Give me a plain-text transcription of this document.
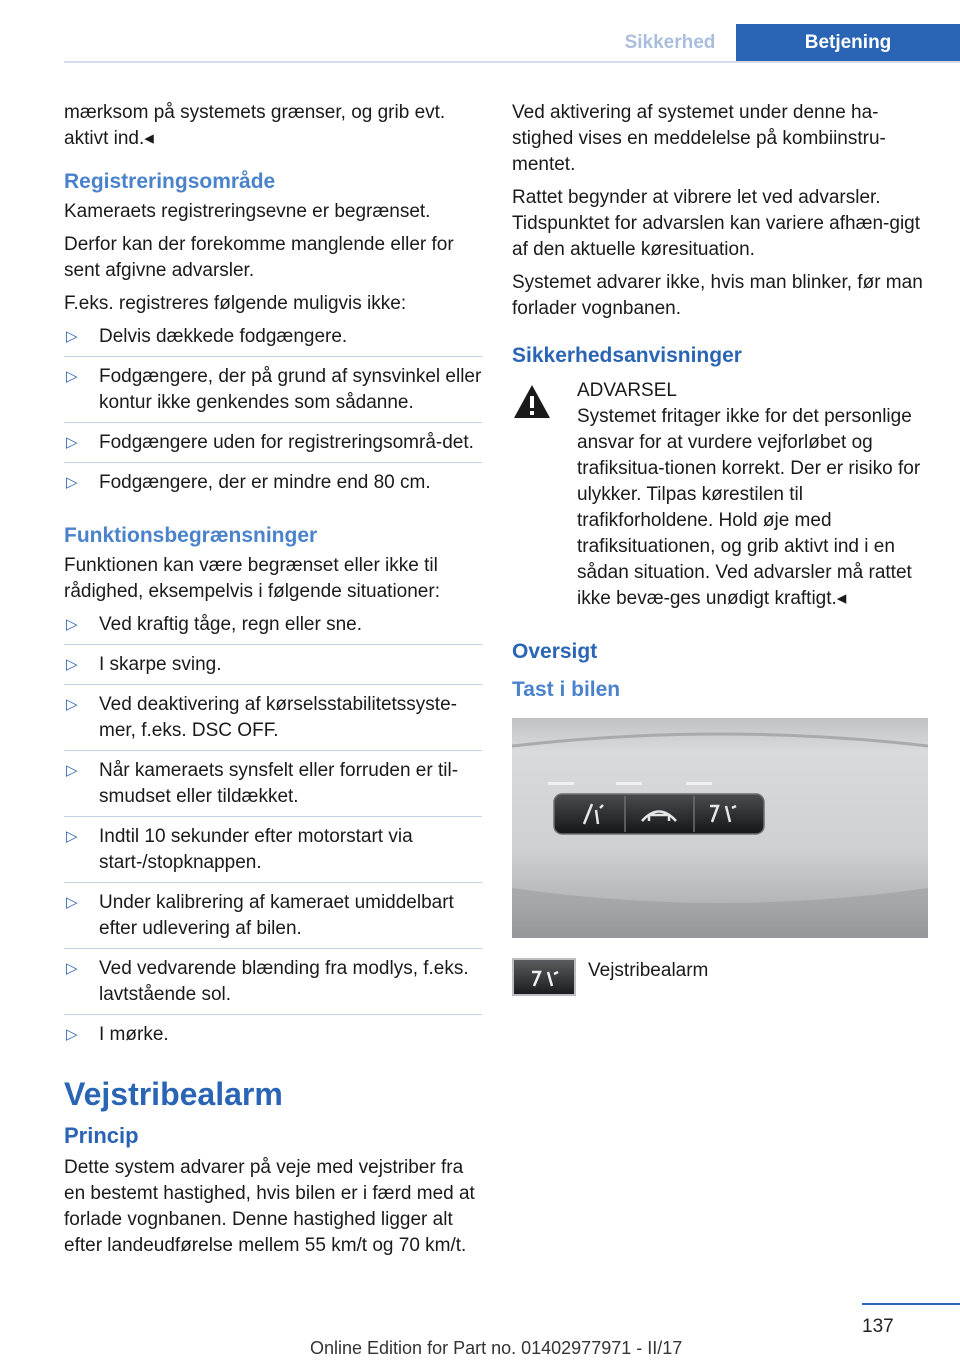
Sikkerhed	Betjening

mærksom på systemets grænser, og grib evt. aktivt ind.◂

Registreringsområde

Kameraets registreringsevne er begrænset.

Derfor kan der forekomme manglende eller for sent afgivne advarsler.

F.eks. registreres følgende muligvis ikke:

▷ Delvis dækkede fodgængere.
▷ Fodgængere, der på grund af synsvinkel eller kontur ikke genkendes som sådanne.
▷ Fodgængere uden for registreringsområ‐det.
▷ Fodgængere, der er mindre end 80 cm.
Funktionsbegrænsninger

Funktionen kan være begrænset eller ikke til rådighed, eksempelvis i følgende situationer:

▷ Ved kraftig tåge, regn eller sne.
▷ I skarpe sving.
▷ Ved deaktivering af kørselsstabilitetssyste‐mer, f.eks. DSC OFF.
▷ Når kameraets synsfelt eller forruden er til‐smudset eller tildækket.
▷ Indtil 10 sekunder efter motorstart via start-/stopknappen.
▷ Under kalibrering af kameraet umiddelbart efter udlevering af bilen.
▷ Ved vedvarende blænding fra modlys, f.eks. lavtstående sol.
▷ I mørke.
Vejstribealarm
Princip

Dette system advarer på veje med vejstriber fra en bestemt hastighed, hvis bilen er i færd med at forlade vognbanen. Denne hastighed ligger alt efter landeudførelse mellem 55 km/t og 70 km/t.

Ved aktivering af systemet under denne ha‐stighed vises en meddelelse på kombiinstru‐mentet.

Rattet begynder at vibrere let ved advarsler. Tidspunktet for advarslen kan variere afhæn‐gigt af den aktuelle køresituation.

Systemet advarer ikke, hvis man blinker, før man forlader vognbanen.

Sikkerhedsanvisninger

ADVARSEL

Systemet fritager ikke for det personlige ansvar for at vurdere vejforløbet og trafiksitua‐tionen korrekt. Der er risiko for ulykker. Tilpas kørestilen til trafikforholdene. Hold øje med trafiksituationen, og grib aktivt ind i en sådan situation. Ved advarsler må rattet ikke bevæ‐ges unødigt kraftigt.◂

Oversigt
Tast i bilen
Vejstribealarm
137
Online Edition for Part no. 01402977971 - II/17
